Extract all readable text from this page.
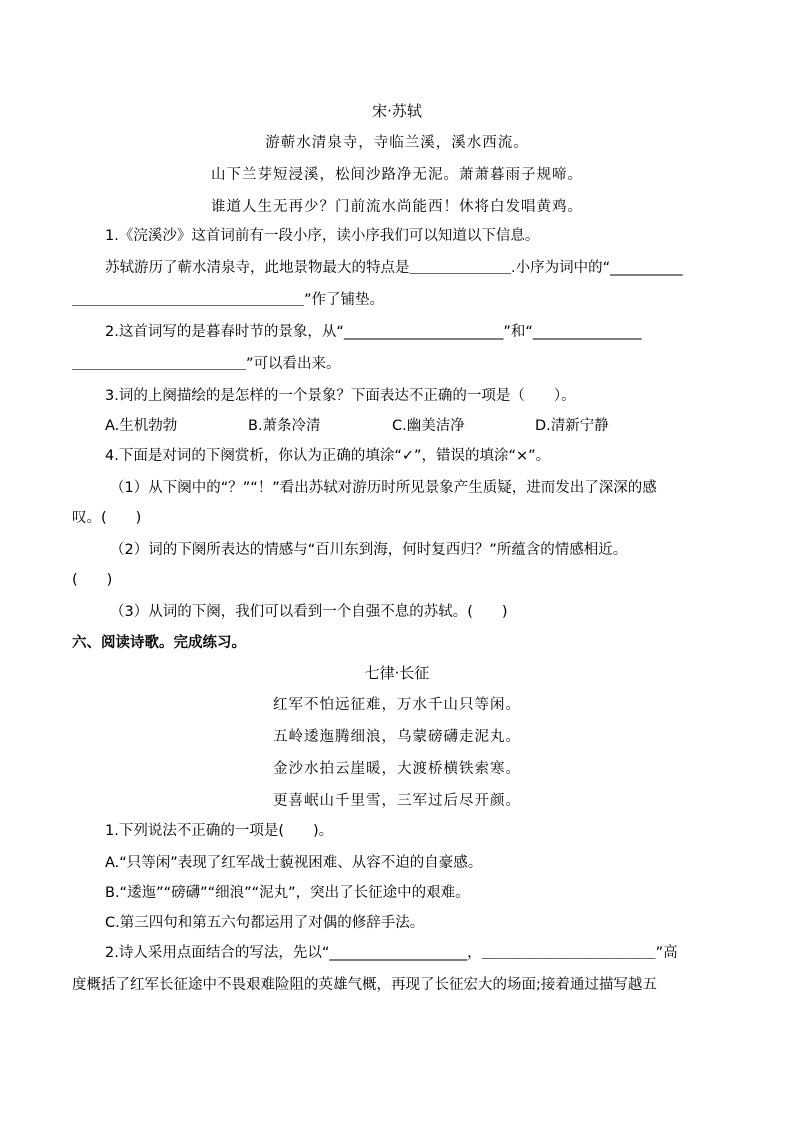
宋·苏轼
游蕲水清泉寺，寺临兰溪，溪水西流。
山下兰芽短浸溪，松间沙路净无泥。萧萧暮雨子规啼。
谁道人生无再少？门前流水尚能西！休将白发唱黄鸡。
1.《浣溪沙》这首词前有一段小序，读小序我们可以知道以下信息。
苏轼游历了蕲水清泉寺，此地景物最大的特点是＿＿＿＿＿＿＿.小序为词中的“__________
＿＿＿＿＿＿＿＿＿＿＿＿＿＿＿＿”作了铺垫。
2.这首词写的是暮春时节的景象，从“______________________”和“_______________
＿＿＿＿＿＿＿＿＿＿＿＿”可以看出来。
3.词的上阕描绘的是怎样的一个景象？下面表达不正确的一项是（　　）。
A.生机勃勃	B.萧条冷清	C.幽美洁净	D.清新宁静
4.下面是对词的下阕赏析，你认为正确的填涂“✓”，错误的填涂“×”。
（1）从下阕中的“？”“！”看出苏轼对游历时所见景象产生质疑，进而发出了深深的感
叹。(　　)
（2）词的下阕所表达的情感与“百川东到海，何时复西归？”所蕴含的情感相近。
(　　)
（3）从词的下阕，我们可以看到一个自强不息的苏轼。(　　)
六、阅读诗歌。完成练习。
七律·长征
红军不怕远征难，万水千山只等闲。
五岭逶迤腾细浪，乌蒙磅礴走泥丸。
金沙水拍云崖暖，大渡桥横铁索寒。
更喜岷山千里雪，三军过后尽开颜。
1.下列说法不正确的一项是(　　)。
A.“只等闲”表现了红军战士藐视困难、从容不迫的自豪感。
B.“逶迤”“磅礴”“细浪”“泥丸”，突出了长征途中的艰难。
C.第三四句和第五六句都运用了对偶的修辞手法。
2.诗人采用点面结合的写法，先以“___________________，＿＿＿＿＿＿＿＿＿＿＿＿”高
度概括了红军长征途中不畏艰难险阻的英雄气概，再现了长征宏大的场面;接着通过描写越五
